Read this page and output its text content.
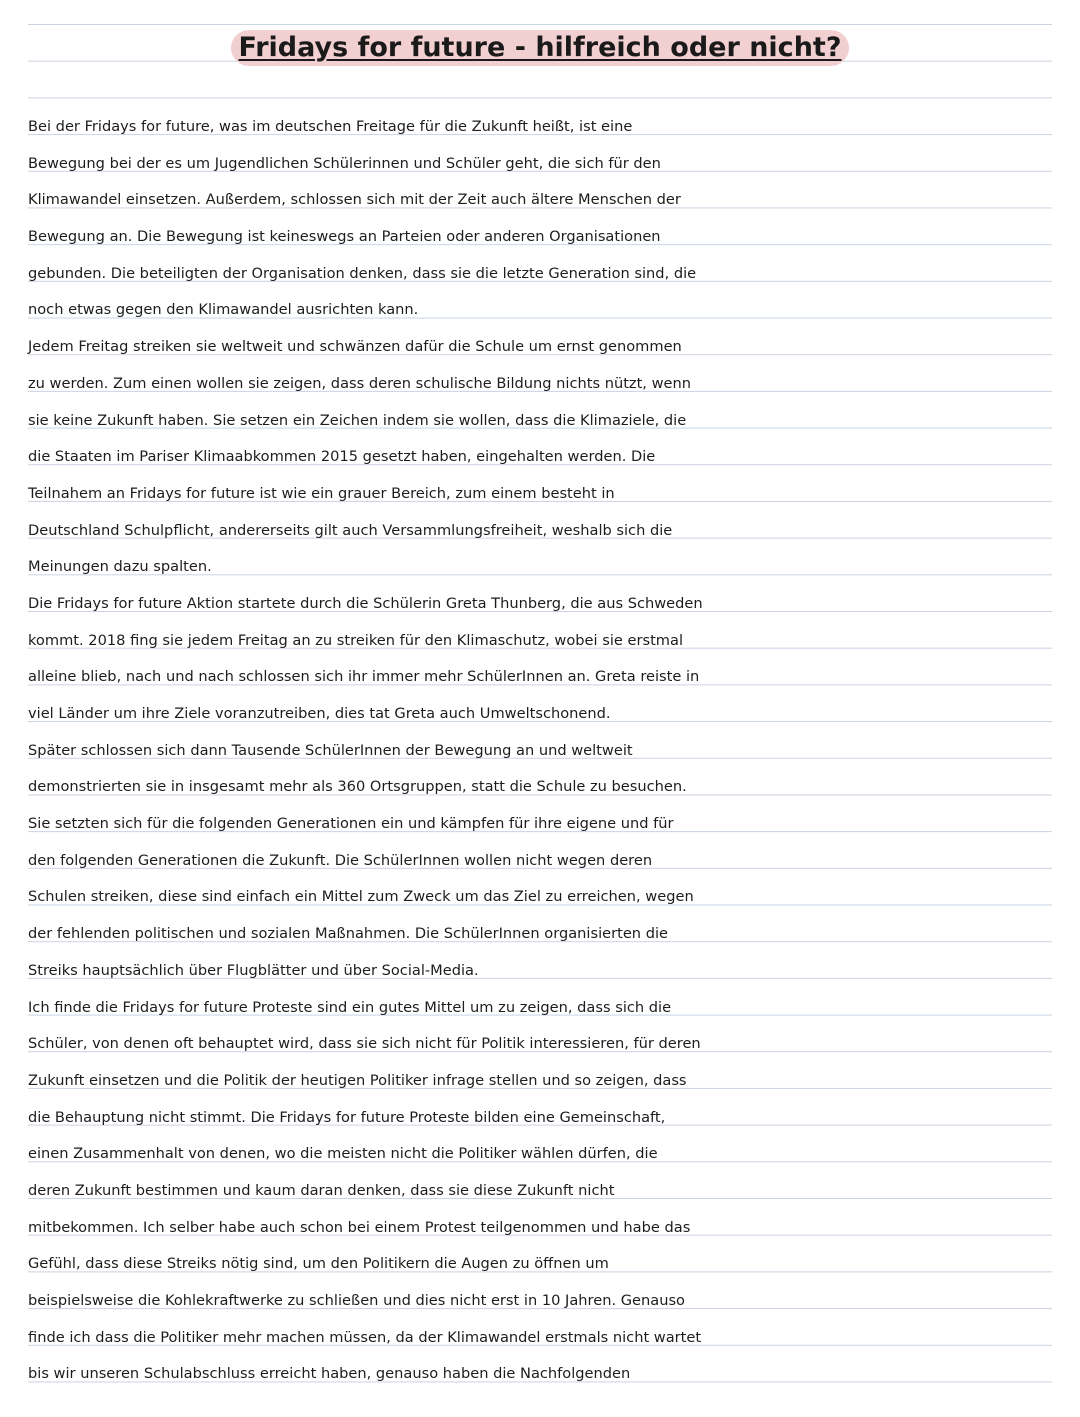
Fridays for future - hilfreich oder nicht?
Bei der Fridays for future, was im deutschen Freitage für die Zukunft heißt, ist eine
Bewegung bei der es um Jugendlichen Schülerinnen und Schüler geht, die sich für den
Klimawandel einsetzen. Außerdem, schlossen sich mit der Zeit auch ältere Menschen der
Bewegung an. Die Bewegung ist keineswegs an Parteien oder anderen Organisationen
gebunden. Die beteiligten der Organisation denken, dass sie die letzte Generation sind, die
noch etwas gegen den Klimawandel ausrichten kann.
Jedem Freitag streiken sie weltweit und schwänzen dafür die Schule um ernst genommen
zu werden. Zum einen wollen sie zeigen, dass deren schulische Bildung nichts nützt, wenn
sie keine Zukunft haben. Sie setzen ein Zeichen indem sie wollen, dass die Klimaziele, die
die Staaten im Pariser Klimaabkommen 2015 gesetzt haben, eingehalten werden. Die
Teilnahem an Fridays for future ist wie ein grauer Bereich, zum einem besteht in
Deutschland Schulpflicht, andererseits gilt auch Versammlungsfreiheit, weshalb sich die
Meinungen dazu spalten.
Die Fridays for future Aktion startete durch die Schülerin Greta Thunberg, die aus Schweden
kommt. 2018 fing sie jedem Freitag an zu streiken für den Klimaschutz, wobei sie erstmal
alleine blieb, nach und nach schlossen sich ihr immer mehr SchülerInnen an. Greta reiste in
viel Länder um ihre Ziele voranzutreiben, dies tat Greta auch Umweltschonend.
Später schlossen sich dann Tausende SchülerInnen der Bewegung an und weltweit
demonstrierten sie in insgesamt mehr als 360 Ortsgruppen, statt die Schule zu besuchen.
Sie setzten sich für die folgenden Generationen ein und kämpfen für ihre eigene und für
den folgenden Generationen die Zukunft. Die SchülerInnen wollen nicht wegen deren
Schulen streiken, diese sind einfach ein Mittel zum Zweck um das Ziel zu erreichen, wegen
der fehlenden politischen und sozialen Maßnahmen. Die SchülerInnen organisierten die
Streiks hauptsächlich über Flugblätter und über Social-Media.
Ich finde die Fridays for future Proteste sind ein gutes Mittel um zu zeigen, dass sich die
Schüler, von denen oft behauptet wird, dass sie sich nicht für Politik interessieren, für deren
Zukunft einsetzen und die Politik der heutigen Politiker infrage stellen und so zeigen, dass
die Behauptung nicht stimmt. Die Fridays for future Proteste bilden eine Gemeinschaft,
einen Zusammenhalt von denen, wo die meisten nicht die Politiker wählen dürfen, die
deren Zukunft bestimmen und kaum daran denken, dass sie diese Zukunft nicht
mitbekommen. Ich selber habe auch schon bei einem Protest teilgenommen und habe das
Gefühl, dass diese Streiks nötig sind, um den Politikern die Augen zu öffnen um
beispielsweise die Kohlekraftwerke zu schließen und dies nicht erst in 10 Jahren. Genauso
finde ich dass die Politiker mehr machen müssen, da der Klimawandel erstmals nicht wartet
bis wir unseren Schulabschluss erreicht haben, genauso haben die Nachfolgenden
